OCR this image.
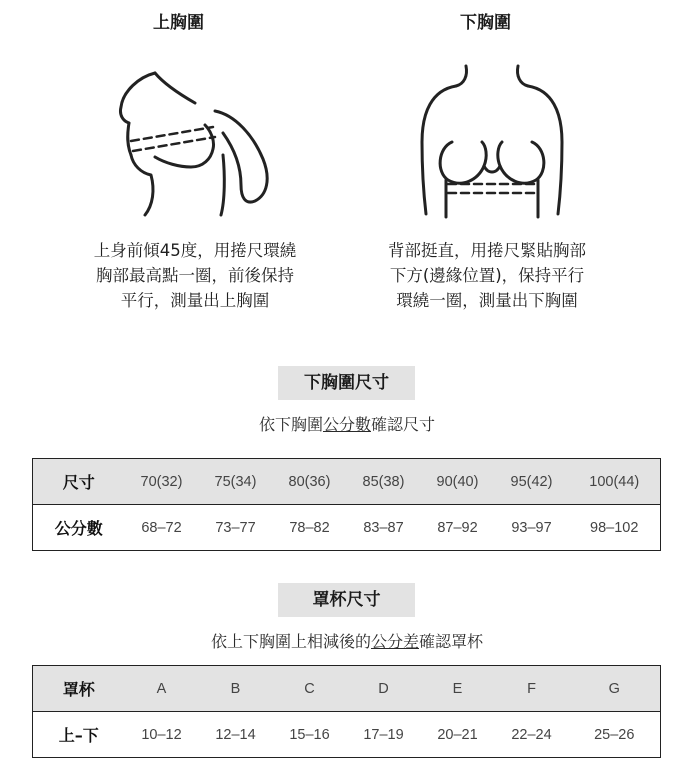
上胸圍	下胸圍
上身前傾45度，用捲尺環繞
胸部最高點一圈，前後保持
平行，測量出上胸圍
背部挺直，用捲尺緊貼胸部
下方(邊緣位置)，保持平行
環繞一圈，測量出下胸圍
下胸圍尺寸
依下胸圍公分數確認尺寸
尺寸	70(32)	75(34)	80(36)	85(38)	90(40)	95(42)	100(44)
公分數	68–72	73–77	78–82	83–87	87–92	93–97	98–102
罩杯尺寸
依上下胸圍上相減後的公分差確認罩杯
罩杯	A	B	C	D	E	F	G
上–下	10–12	12–14	15–16	17–19	20–21	22–24	25–26
